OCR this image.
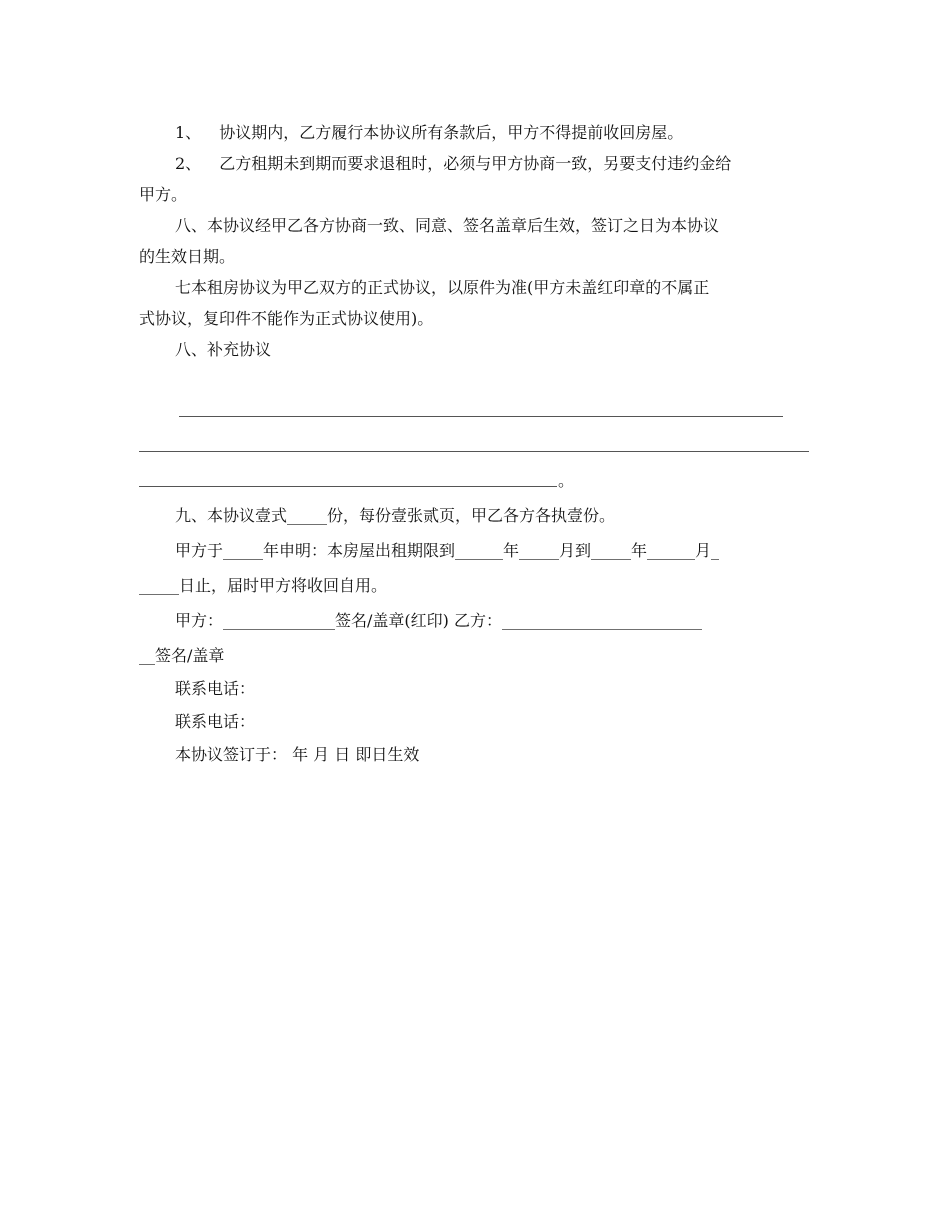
1、 协议期内，乙方履行本协议所有条款后，甲方不得提前收回房屋。

2、 乙方租期未到期而要求退租时，必须与甲方协商一致，另要支付违约金给

甲方。

八、本协议经甲乙各方协商一致、同意、签名盖章后生效，签订之日为本协议

的生效日期。

七本租房协议为甲乙双方的正式协议，以原件为准(甲方未盖红印章的不属正

式协议，复印件不能作为正式协议使用)。

八、补充协议

。

九、本协议壹式_____份，每份壹张贰页，甲乙各方各执壹份。

甲方于_____年申明：本房屋出租期限到______年_____月到_____年______月_

_____日止，届时甲方将收回自用。

甲方：______________签名/盖章(红印) 乙方：_________________________

__签名/盖章

联系电话：

联系电话：

本协议签订于： 年 月 日 即日生效
